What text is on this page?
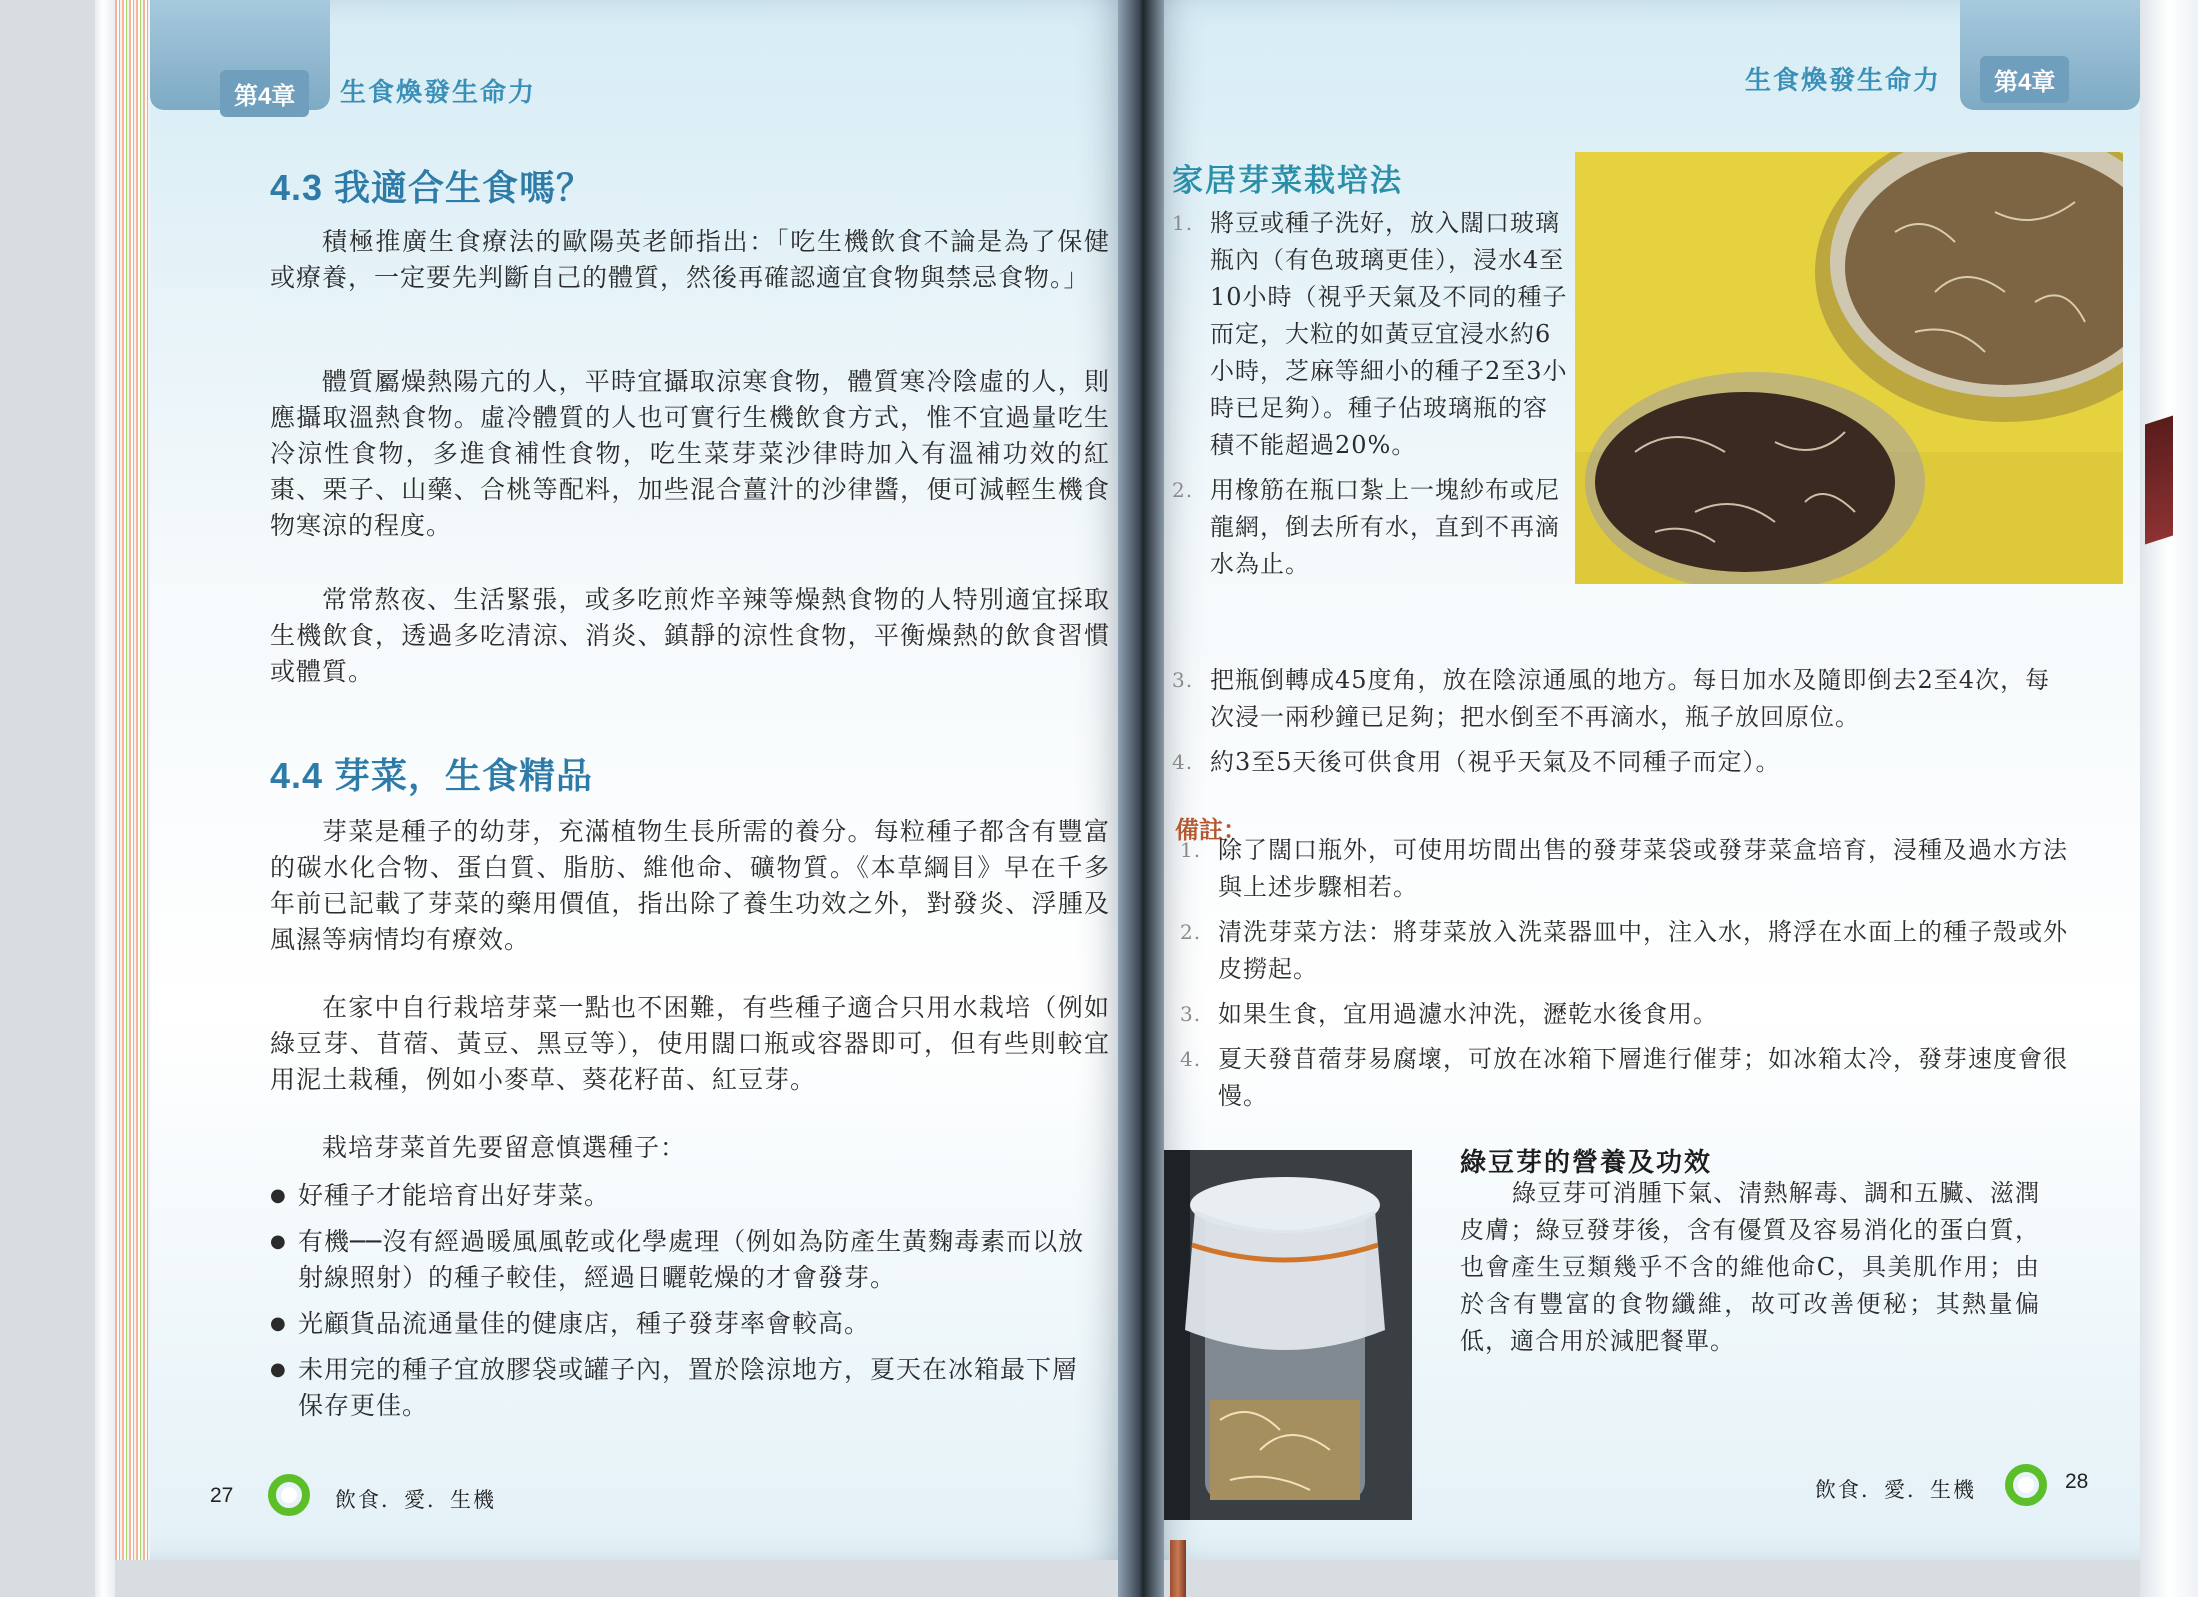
第4章	生食煥發生命力
4.3 我適合生食嗎？
積極推廣生食療法的歐陽英老師指出：「吃生機飲食不論是為了保健或療養，一定要先判斷自己的體質，然後再確認適宜食物與禁忌食物。」
體質屬燥熱陽亢的人，平時宜攝取涼寒食物，體質寒冷陰虛的人，則應攝取溫熱食物。虛冷體質的人也可實行生機飲食方式，惟不宜過量吃生冷涼性食物，多進食補性食物，吃生菜芽菜沙律時加入有溫補功效的紅棗、栗子、山藥、合桃等配料，加些混合薑汁的沙律醬，便可減輕生機食物寒涼的程度。
常常熬夜、生活緊張，或多吃煎炸辛辣等燥熱食物的人特別適宜採取生機飲食，透過多吃清涼、消炎、鎮靜的涼性食物，平衡燥熱的飲食習慣或體質。
4.4 芽菜，生食精品
芽菜是種子的幼芽，充滿植物生長所需的養分。每粒種子都含有豐富的碳水化合物、蛋白質、脂肪、維他命、礦物質。《本草綱目》早在千多年前已記載了芽菜的藥用價值，指出除了養生功效之外，對發炎、浮腫及風濕等病情均有療效。
在家中自行栽培芽菜一點也不困難，有些種子適合只用水栽培（例如綠豆芽、苜蓿、黃豆、黑豆等），使用闊口瓶或容器即可，但有些則較宜用泥土栽種，例如小麥草、葵花籽苗、紅豆芽。
栽培芽菜首先要留意慎選種子：
● 好種子才能培育出好芽菜。
● 有機──沒有經過暖風風乾或化學處理（例如為防產生黃麴毒素而以放射線照射）的種子較佳，經過日曬乾燥的才會發芽。
● 光顧貨品流通量佳的健康店，種子發芽率會較高。
● 未用完的種子宜放膠袋或罐子內，置於陰涼地方，夏天在冰箱最下層保存更佳。
27	飲食．愛．生機
生食煥發生命力	第4章
家居芽菜栽培法
1. 將豆或種子洗好，放入闊口玻璃瓶內（有色玻璃更佳），浸水4至10小時（視乎天氣及不同的種子而定，大粒的如黃豆宜浸水約6小時，芝麻等細小的種子2至3小時已足夠）。種子佔玻璃瓶的容積不能超過20%。
2. 用橡筋在瓶口紮上一塊紗布或尼龍網，倒去所有水，直到不再滴水為止。
3. 把瓶倒轉成45度角，放在陰涼通風的地方。每日加水及隨即倒去2至4次，每次浸一兩秒鐘已足夠；把水倒至不再滴水，瓶子放回原位。
4. 約3至5天後可供食用（視乎天氣及不同種子而定）。
備註：
1. 除了闊口瓶外，可使用坊間出售的發芽菜袋或發芽菜盒培育，浸種及過水方法與上述步驟相若。
2. 清洗芽菜方法：將芽菜放入洗菜器皿中，注入水，將浮在水面上的種子殼或外皮撈起。
3. 如果生食，宜用過濾水沖洗，瀝乾水後食用。
4. 夏天發苜蓿芽易腐壞，可放在冰箱下層進行催芽；如冰箱太冷，發芽速度會很慢。
綠豆芽的營養及功效
綠豆芽可消腫下氣、清熱解毒、調和五臟、滋潤皮膚；綠豆發芽後，含有優質及容易消化的蛋白質，也會產生豆類幾乎不含的維他命C，具美肌作用；由於含有豐富的食物纖維，故可改善便秘；其熱量偏低，適合用於減肥餐單。
飲食．愛．生機	28
